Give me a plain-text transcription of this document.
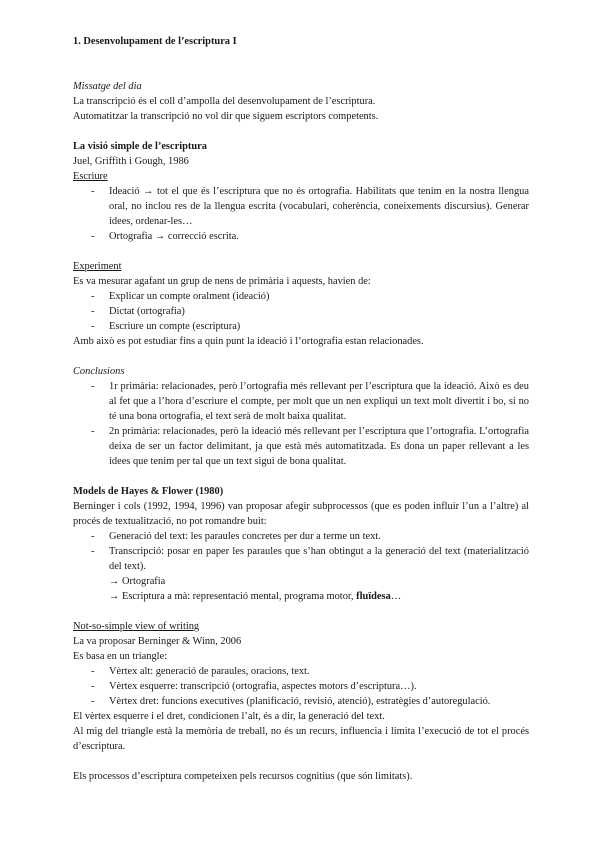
1. Desenvolupament de l’escriptura I

Missatge del dia

La transcripció és el coll d’ampolla del desenvolupament de l’escriptura.

Automatitzar la transcripció no vol dir que siguem escriptors competents.

La visió simple de l’escriptura

Juel, Griffith i Gough, 1986

Escriure

- Ideació → tot el que és l’escriptura que no és ortografia. Habilitats que tenim en la nostra llengua oral, no inclou res de la llengua escrita (vocabulari, coherència, coneixements discursius). Generar idees, ordenar-les…
- Ortografia → correcció escrita.

Experiment

Es va mesurar agafant un grup de nens de primària i aquests, havien de:

- Explicar un compte oralment (ideació)
- Dictat (ortografia)
- Escriure un compte (escriptura)

Amb això es pot estudiar fins a quin punt la ideació i l’ortografia estan relacionades.

Conclusions

- 1r primària: relacionades, però l’ortografia més rellevant per l’escriptura que la ideació. Això es deu al fet que a l’hora d’escriure el compte, per molt que un nen expliqui un text molt divertit i bo, si no té una bona ortografia, el text serà de molt baixa qualitat.
- 2n primària: relacionades, però la ideació més rellevant per l’escriptura que l’ortografia. L’ortografia deixa de ser un factor delimitant, ja que està més automatitzada. Es dona un paper rellevant a les idees que tenim per tal que un text sigui de bona qualitat.

Models de Hayes & Flower (1980)

Berninger i cols (1992, 1994, 1996) van proposar afegir subprocessos (que es poden influir l’un a l’altre) al procés de textualització, no pot romandre buit:

- Generació del text: les paraules concretes per dur a terme un text.
- Transcripció: posar en paper les paraules que s’han obtingut a la generació del text (materialització del text).

→ Ortografia

→ Escriptura a mà: representació mental, programa motor, fluïdesa…

Not-so-simple view of writing

La va proposar Berninger & Winn, 2006

Es basa en un triangle:

- Vèrtex alt: generació de paraules, oracions, text.
- Vèrtex esquerre: transcripció (ortografia, aspectes motors d’escriptura…).
- Vèrtex dret: funcions executives (planificació, revisió, atenció), estratègies d’autoregulació.

El vèrtex esquerre i el dret, condicionen l’alt, és a dir, la generació del text.

Al mig del triangle està la memòria de treball, no és un recurs, influencia i limita l’execució de tot el procés d’escriptura.

Els processos d’escriptura competeixen pels recursos cognitius (que són limitats).
